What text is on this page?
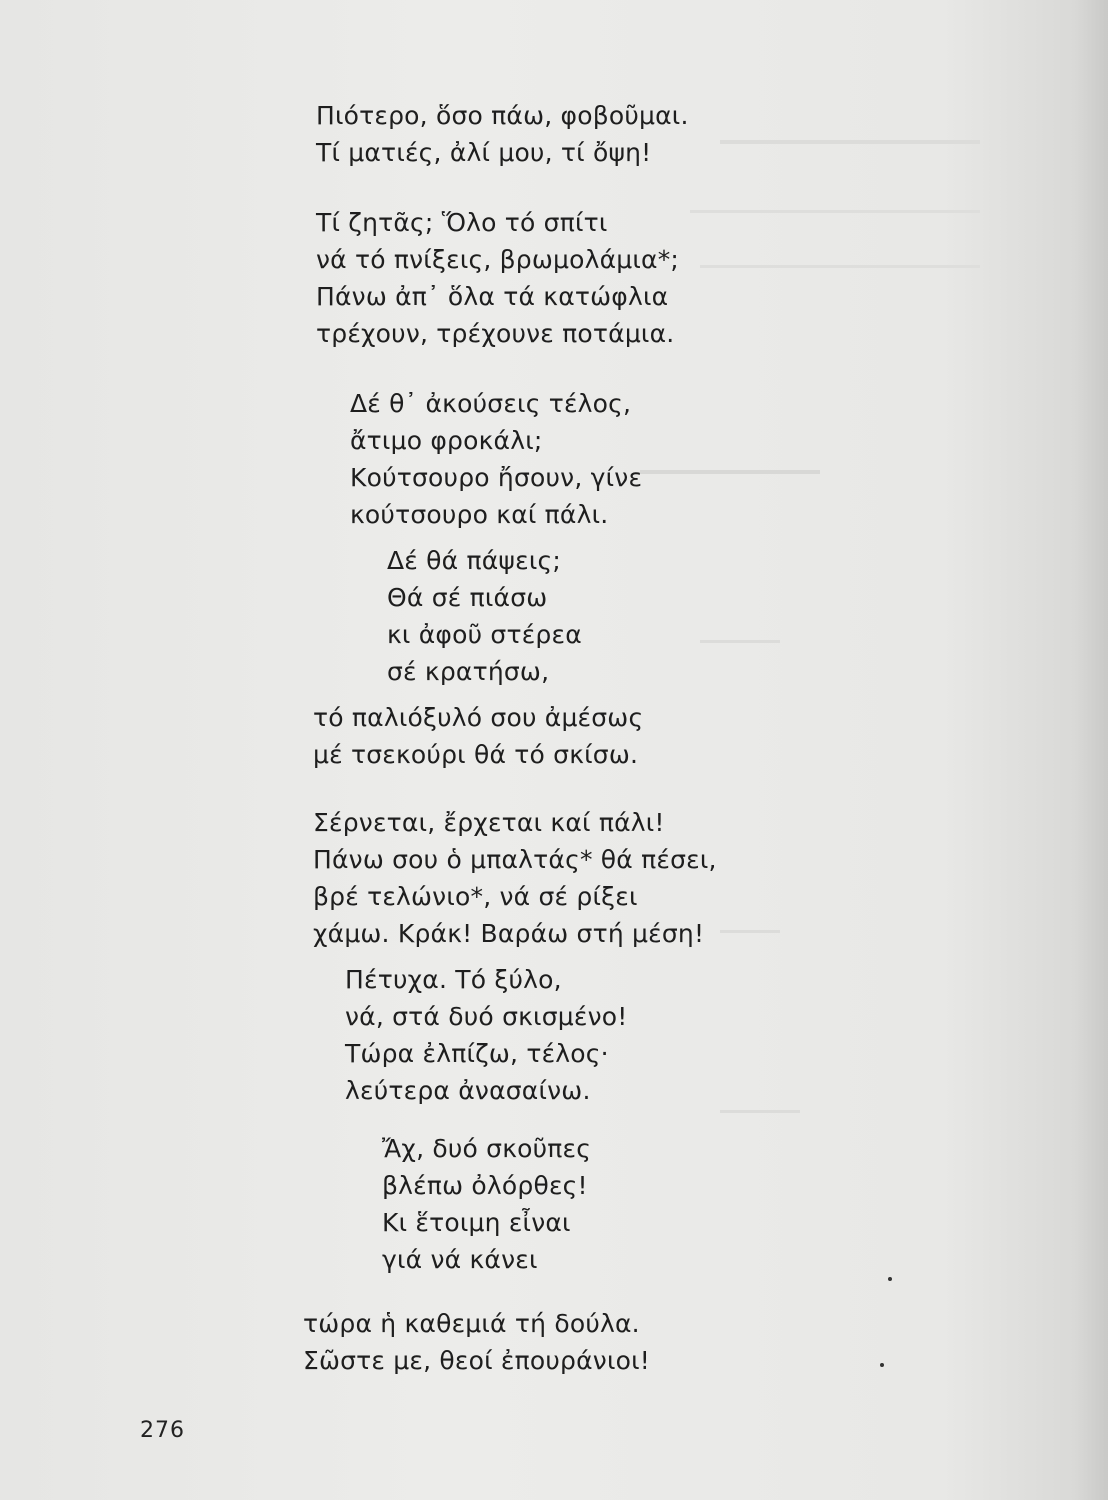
Πιότερο, ὅσο πάω, φοβοῦμαι.
Τί ματιές, ἀλί μου, τί ὄψη!
Τί ζητᾶς; Ὅλο τό σπίτι
νά τό πνίξεις, βρωμολάμια*;
Πάνω ἀπ᾿ ὅλα τά κατώφλια
τρέχουν, τρέχουνε ποτάμια.
Δέ θ᾿ ἀκούσεις τέλος,
ἄτιμο φροκάλι;
Κούτσουρο ἤσουν, γίνε
κούτσουρο καί πάλι.
Δέ θά πάψεις;
Θά σέ πιάσω
κι ἀφοῦ στέρεα
σέ κρατήσω,
τό παλιόξυλό σου ἀμέσως
μέ τσεκούρι θά τό σκίσω.
Σέρνεται, ἔρχεται καί πάλι!
Πάνω σου ὁ μπαλτάς* θά πέσει,
βρέ τελώνιο*, νά σέ ρίξει
χάμω. Κράκ! Βαράω στή μέση!
Πέτυχα. Τό ξύλο,
νά, στά δυό σκισμένο!
Τώρα ἐλπίζω, τέλος·
λεύτερα ἀνασαίνω.
Ἄχ, δυό σκοῦπες
βλέπω ὀλόρθες!
Κι ἕτοιμη εἶναι
γιά νά κάνει
τώρα ἡ καθεμιά τή δούλα.
Σῶστε με, θεοί ἐπουράνιοι!
276
